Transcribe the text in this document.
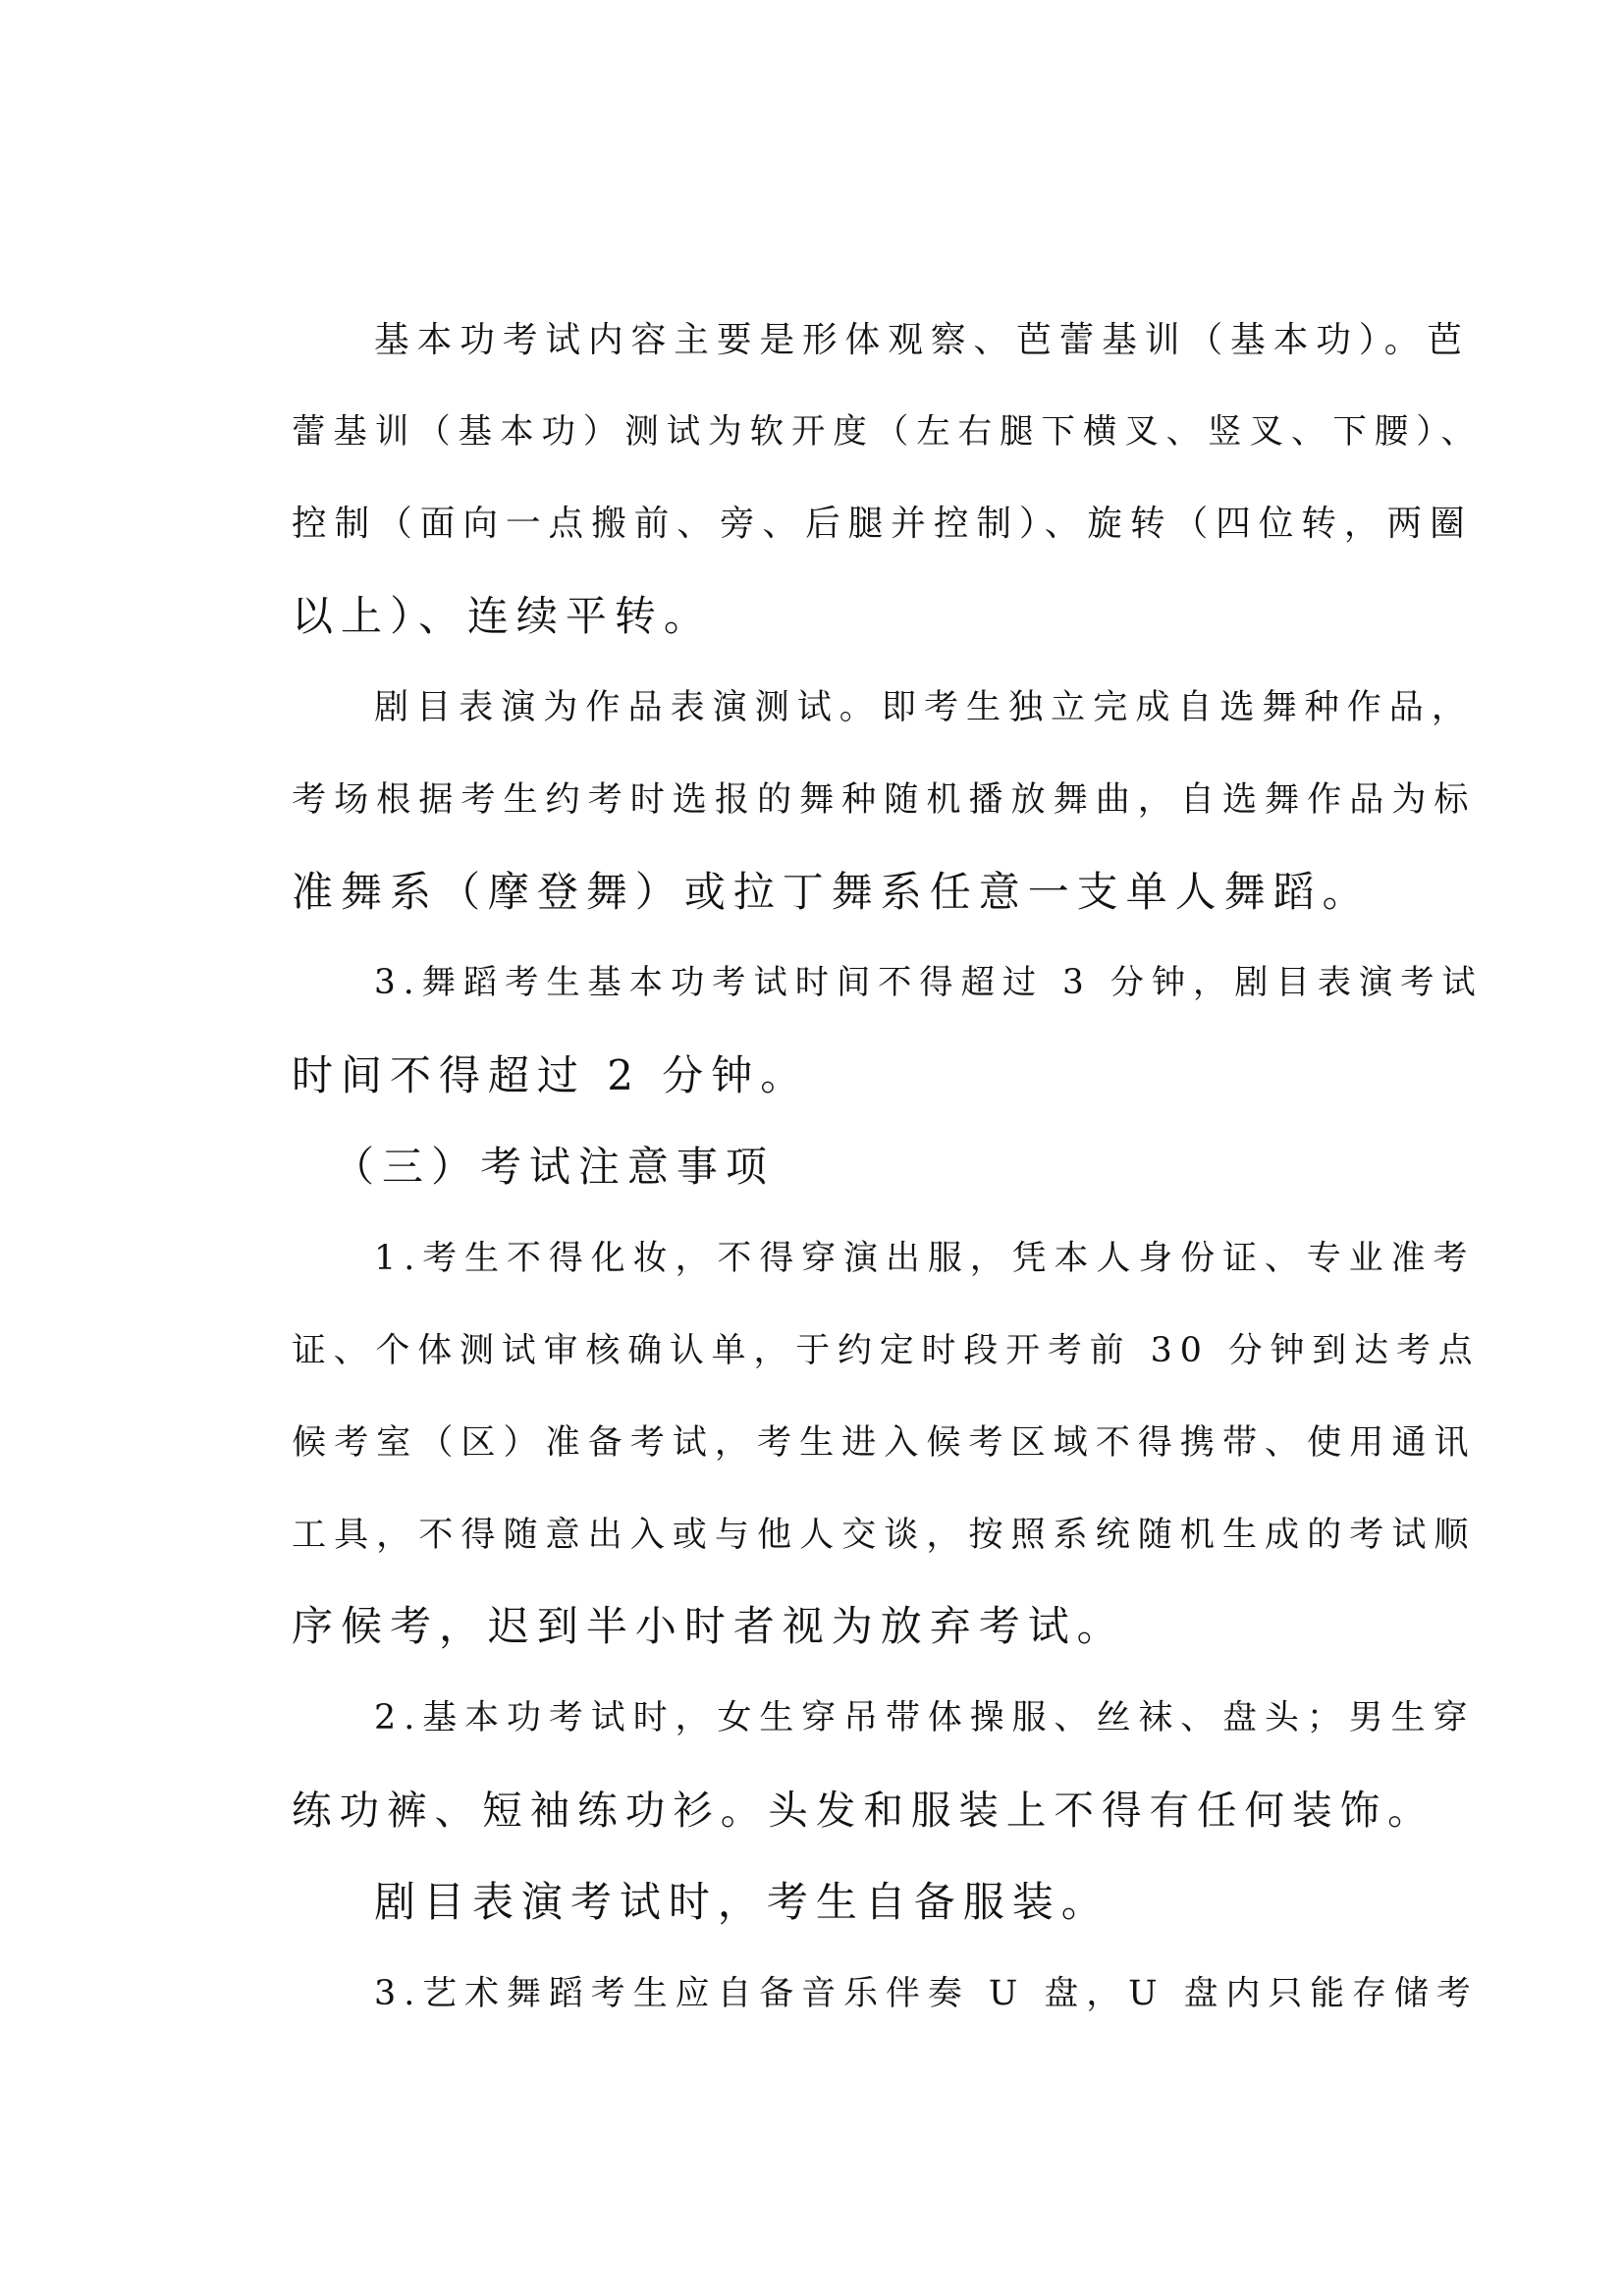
基本功考试内容主要是形体观察、芭蕾基训（基本功）。芭
蕾基训（基本功）测试为软开度（左右腿下横叉、竖叉、下腰）、
控制（面向一点搬前、旁、后腿并控制）、旋转（四位转，两圈
以上）、连续平转。
剧目表演为作品表演测试。即考生独立完成自选舞种作品，
考场根据考生约考时选报的舞种随机播放舞曲，自选舞作品为标
准舞系（摩登舞）或拉丁舞系任意一支单人舞蹈。
3.舞蹈考生基本功考试时间不得超过 3 分钟，剧目表演考试
时间不得超过 2 分钟。
（三）考试注意事项
1.考生不得化妆，不得穿演出服，凭本人身份证、专业准考
证、个体测试审核确认单，于约定时段开考前 30 分钟到达考点
候考室（区）准备考试，考生进入候考区域不得携带、使用通讯
工具，不得随意出入或与他人交谈，按照系统随机生成的考试顺
序候考，迟到半小时者视为放弃考试。
2.基本功考试时，女生穿吊带体操服、丝袜、盘头；男生穿
练功裤、短袖练功衫。头发和服装上不得有任何装饰。
剧目表演考试时，考生自备服装。
3.艺术舞蹈考生应自备音乐伴奏 U 盘，U 盘内只能存储考
